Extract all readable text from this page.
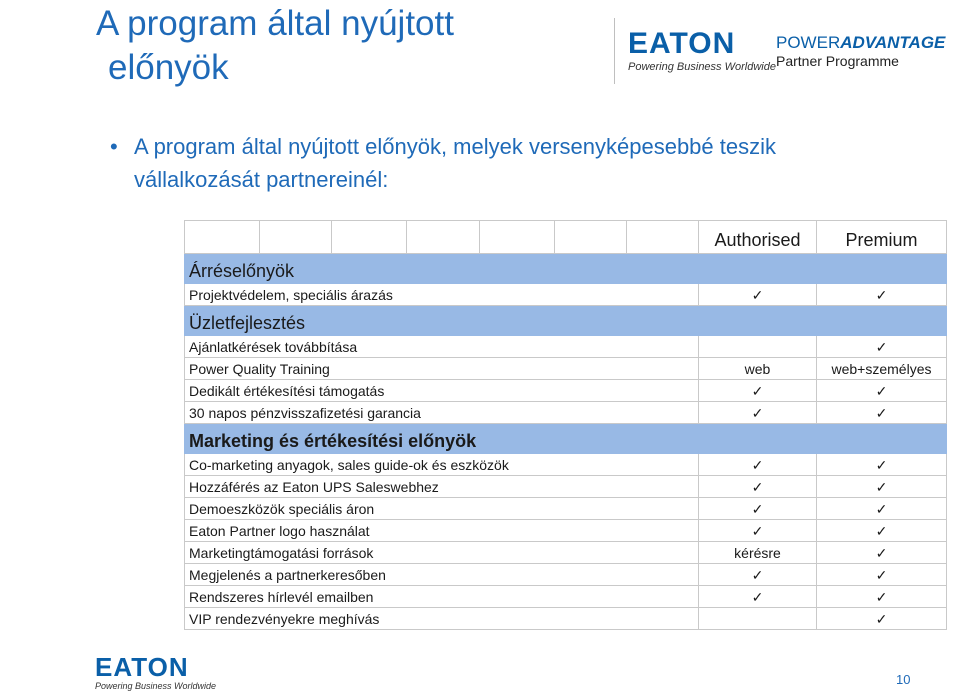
A program által nyújtott
előnyök
EATON
Powering Business Worldwide
POWERADVANTAGE
Partner Programme
• A program által nyújtott előnyök, melyek versenyképesebbé teszik vállalkozását partnereinél:
							Authorised	Premium
Árréselőnyök								
Projektvédelem, speciális árazás							✓	✓
Üzletfejlesztés								
Ajánlatkérések továbbítása								✓
Power Quality Training							web	web+személyes
Dedikált értékesítési támogatás							✓	✓
30 napos pénzvisszafizetési garancia							✓	✓
Marketing és értékesítési előnyök								
Co-marketing anyagok, sales guide-ok és eszközök							✓	✓
Hozzáférés az Eaton UPS Saleswebhez							✓	✓
Demoeszközök speciális áron							✓	✓
Eaton Partner logo használat							✓	✓
Marketingtámogatási források							kérésre	✓
Megjelenés a partnerkeresőben							✓	✓
Rendszeres hírlevél emailben							✓	✓
VIP rendezvényekre meghívás								✓
EATON
Powering Business Worldwide	10
